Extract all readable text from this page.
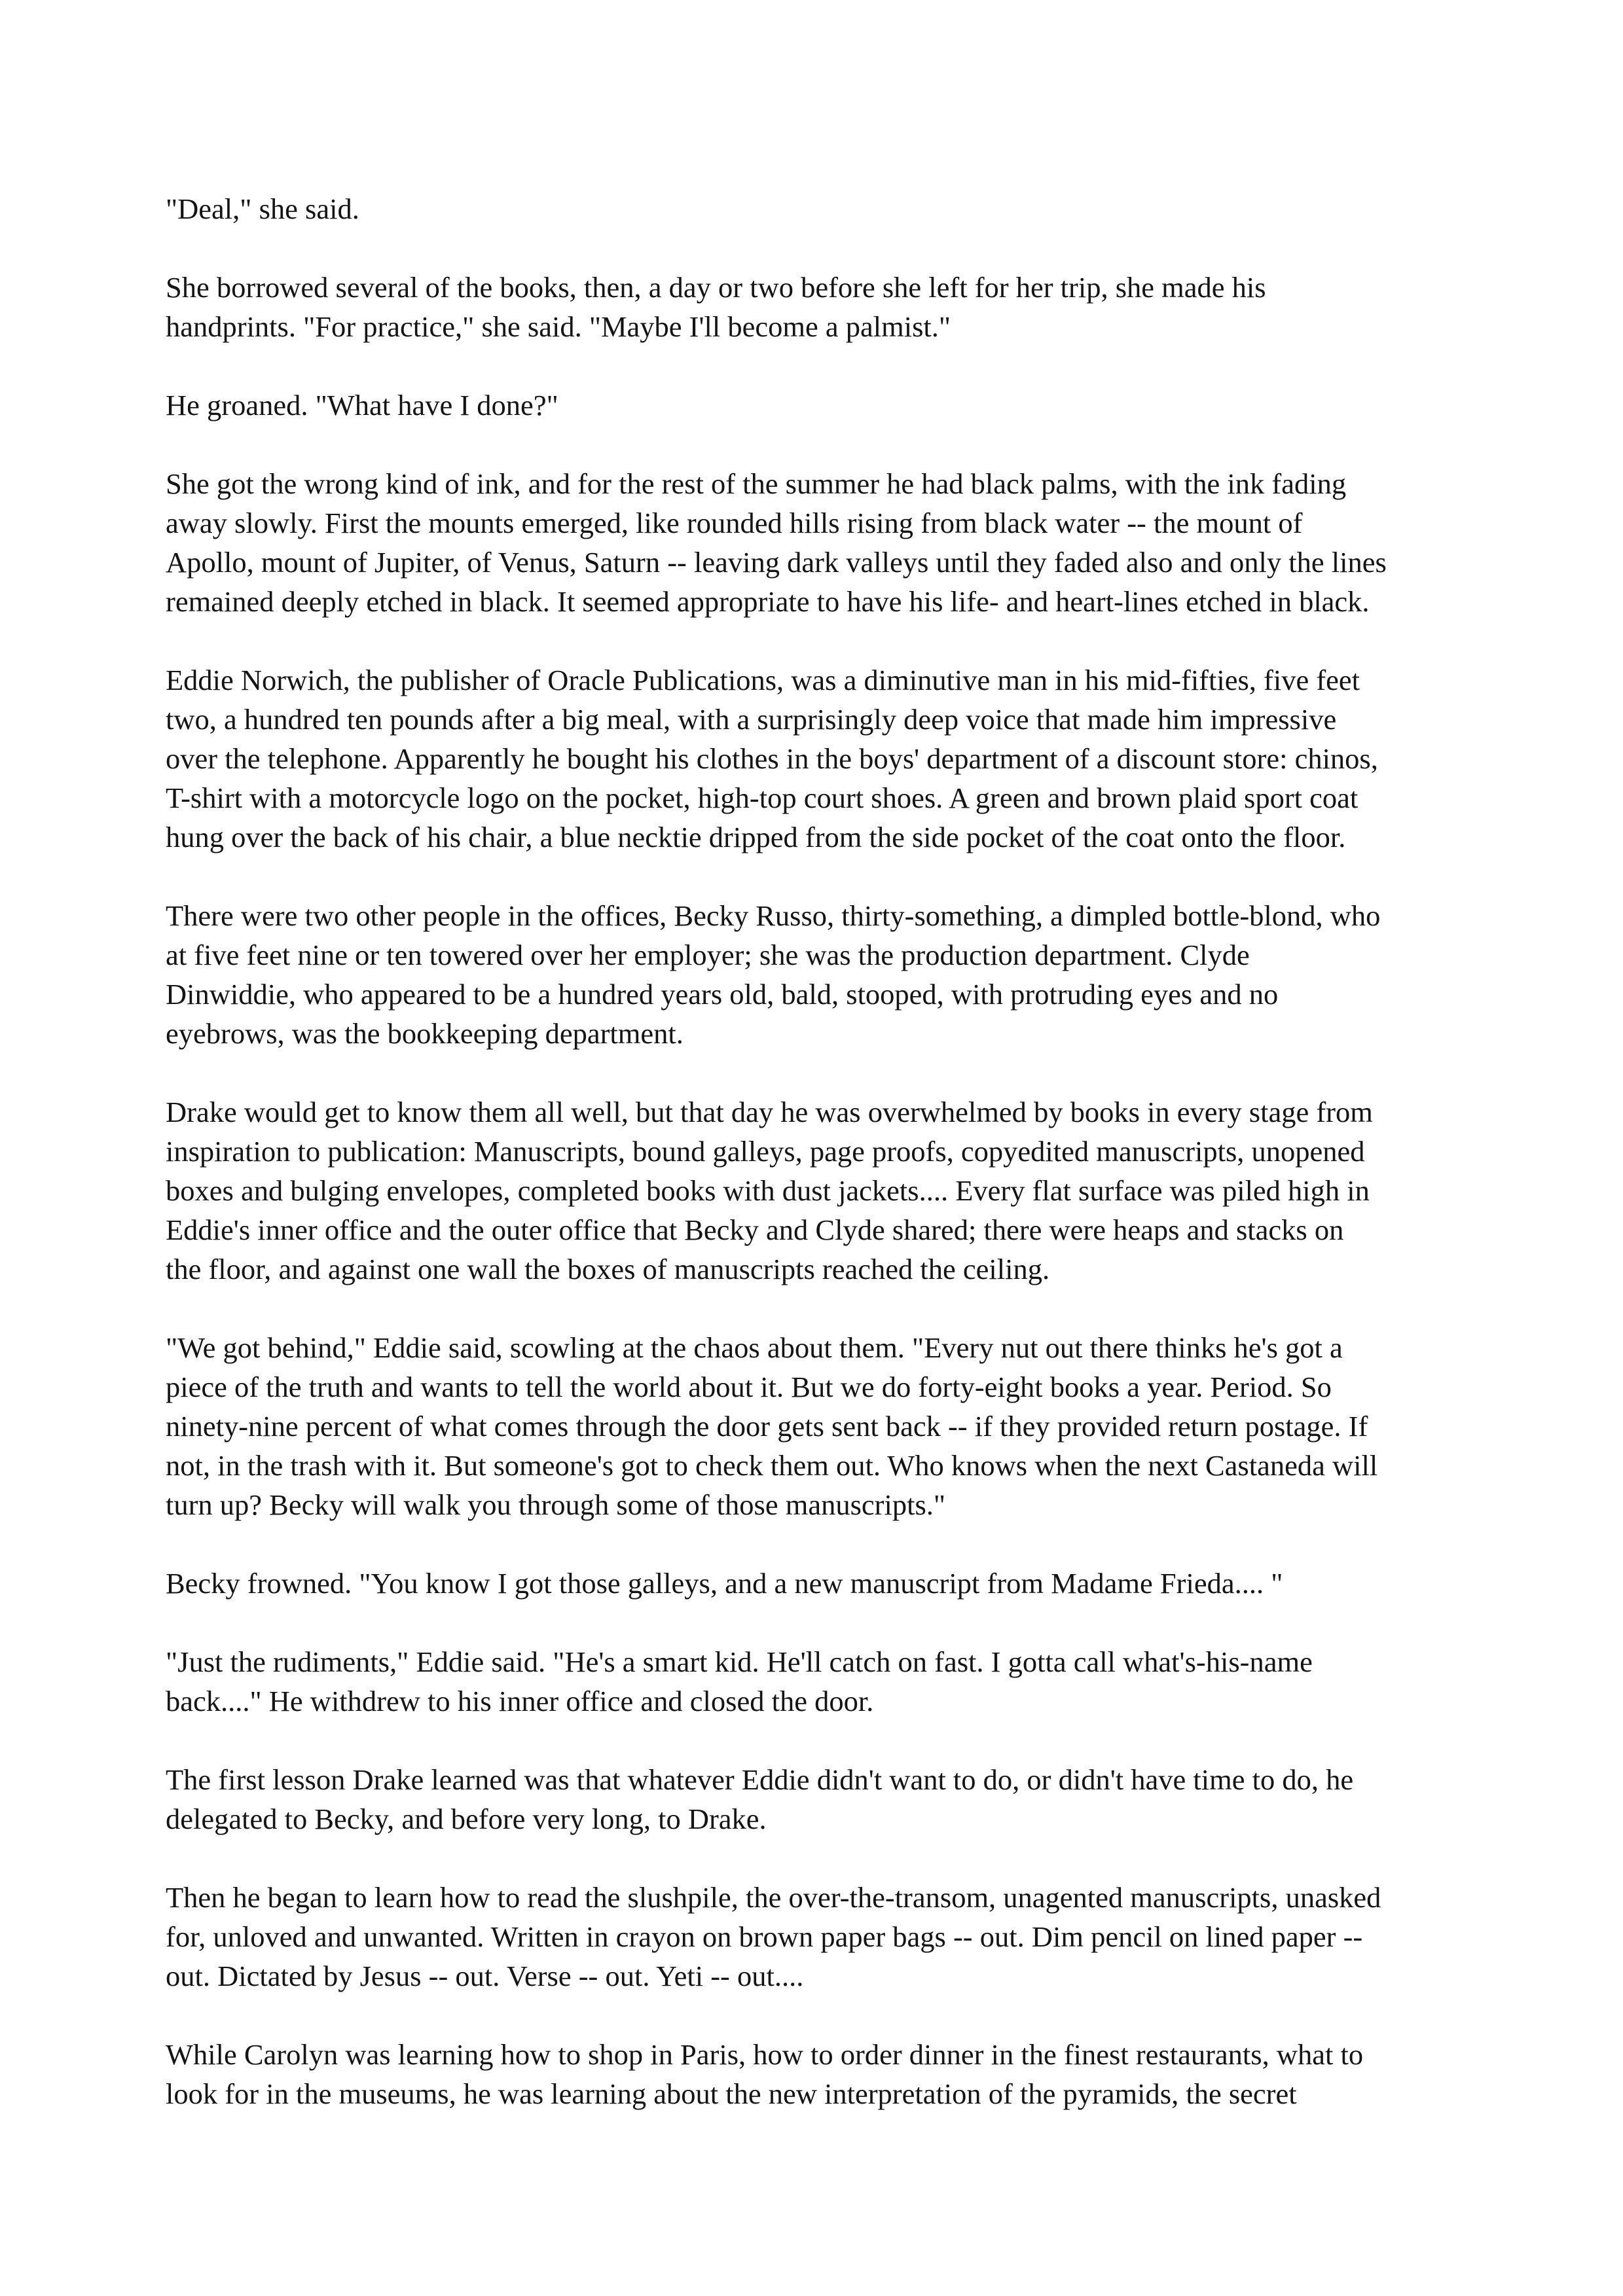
"Deal," she said.

She borrowed several of the books, then, a day or two before she left for her trip, she made his
handprints. "For practice," she said. "Maybe I'll become a palmist."

He groaned. "What have I done?"

She got the wrong kind of ink, and for the rest of the summer he had black palms, with the ink fading
away slowly. First the mounts emerged, like rounded hills rising from black water -- the mount of
Apollo, mount of Jupiter, of Venus, Saturn -- leaving dark valleys until they faded also and only the lines
remained deeply etched in black. It seemed appropriate to have his life- and heart-lines etched in black.

Eddie Norwich, the publisher of Oracle Publications, was a diminutive man in his mid-fifties, five feet
two, a hundred ten pounds after a big meal, with a surprisingly deep voice that made him impressive
over the telephone. Apparently he bought his clothes in the boys' department of a discount store: chinos,
T-shirt with a motorcycle logo on the pocket, high-top court shoes. A green and brown plaid sport coat
hung over the back of his chair, a blue necktie dripped from the side pocket of the coat onto the floor.

There were two other people in the offices, Becky Russo, thirty-something, a dimpled bottle-blond, who
at five feet nine or ten towered over her employer; she was the production department. Clyde
Dinwiddie, who appeared to be a hundred years old, bald, stooped, with protruding eyes and no
eyebrows, was the bookkeeping department.

Drake would get to know them all well, but that day he was overwhelmed by books in every stage from
inspiration to publication: Manuscripts, bound galleys, page proofs, copyedited manuscripts, unopened
boxes and bulging envelopes, completed books with dust jackets.... Every flat surface was piled high in
Eddie's inner office and the outer office that Becky and Clyde shared; there were heaps and stacks on
the floor, and against one wall the boxes of manuscripts reached the ceiling.

"We got behind," Eddie said, scowling at the chaos about them. "Every nut out there thinks he's got a
piece of the truth and wants to tell the world about it. But we do forty-eight books a year. Period. So
ninety-nine percent of what comes through the door gets sent back -- if they provided return postage. If
not, in the trash with it. But someone's got to check them out. Who knows when the next Castaneda will
turn up? Becky will walk you through some of those manuscripts."

Becky frowned. "You know I got those galleys, and a new manuscript from Madame Frieda.... "

"Just the rudiments," Eddie said. "He's a smart kid. He'll catch on fast. I gotta call what's-his-name
back...." He withdrew to his inner office and closed the door.

The first lesson Drake learned was that whatever Eddie didn't want to do, or didn't have time to do, he
delegated to Becky, and before very long, to Drake.

Then he began to learn how to read the slushpile, the over-the-transom, unagented manuscripts, unasked
for, unloved and unwanted. Written in crayon on brown paper bags -- out. Dim pencil on lined paper --
out. Dictated by Jesus -- out. Verse -- out. Yeti -- out....

While Carolyn was learning how to shop in Paris, how to order dinner in the finest restaurants, what to
look for in the museums, he was learning about the new interpretation of the pyramids, the secret
